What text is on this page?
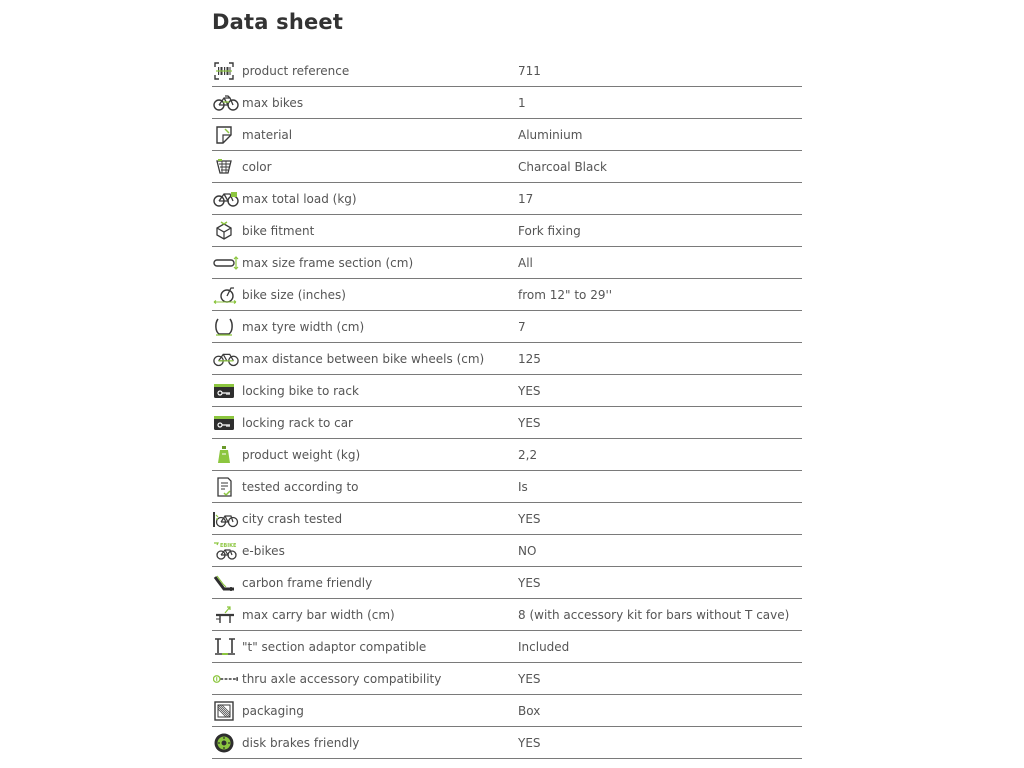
Data sheet
product reference	711
max bikes	1
material	Aluminium
color	Charcoal Black
max total load (kg)	17
bike fitment	Fork fixing
max size frame section (cm)	All
bike size (inches)	from 12" to 29''
max tyre width (cm)	7
max distance between bike wheels (cm)	125
locking bike to rack	YES
locking rack to car	YES
product weight (kg)	2,2
tested according to	Is
city crash tested	YES
EBIKE e-bikes	NO
carbon frame friendly	YES
max carry bar width (cm)	8 (with accessory kit for bars without T cave)
"t" section adaptor compatible	Included
thru axle accessory compatibility	YES
packaging	Box
disk brakes friendly	YES
